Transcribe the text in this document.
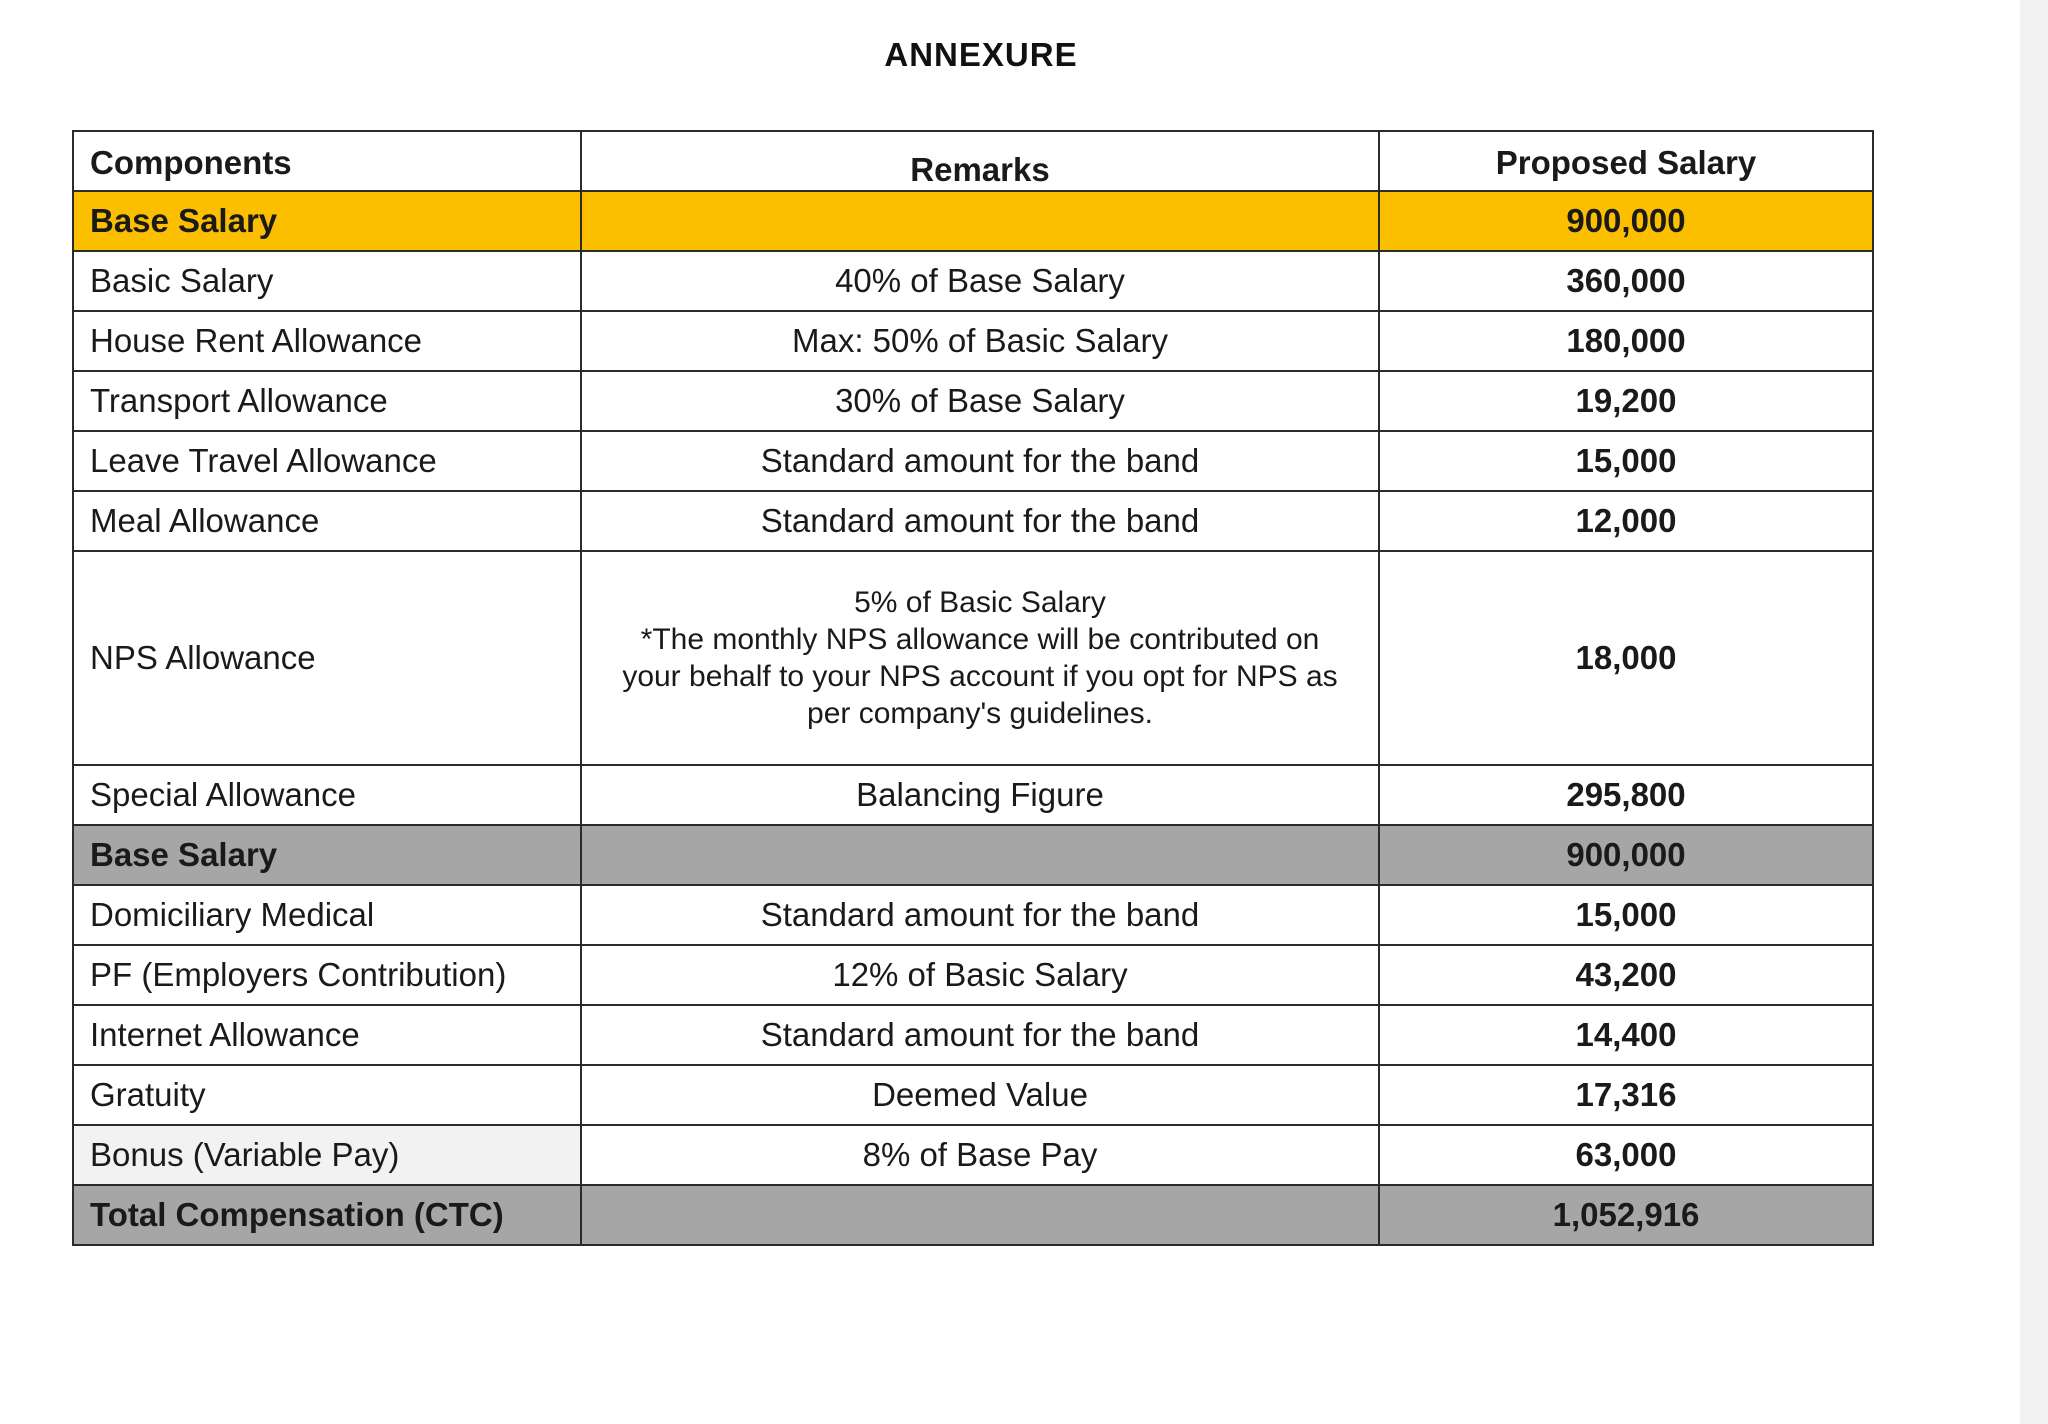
ANNEXURE
Components	Remarks	Proposed Salary
Base Salary		900,000
Basic Salary	40% of Base Salary	360,000
House Rent Allowance	Max: 50% of Basic Salary	180,000
Transport Allowance	30% of Base Salary	19,200
Leave Travel Allowance	Standard amount for the band	15,000
Meal Allowance	Standard amount for the band	12,000
NPS Allowance	5% of Basic Salary
*The monthly NPS allowance will be contributed on
your behalf to your NPS account if you opt for NPS as
per company's guidelines.	18,000
Special Allowance	Balancing Figure	295,800
Base Salary		900,000
Domiciliary Medical	Standard amount for the band	15,000
PF (Employers Contribution)	12% of Basic Salary	43,200
Internet Allowance	Standard amount for the band	14,400
Gratuity	Deemed Value	17,316
Bonus (Variable Pay)	8% of Base Pay	63,000
Total Compensation (CTC)		1,052,916
